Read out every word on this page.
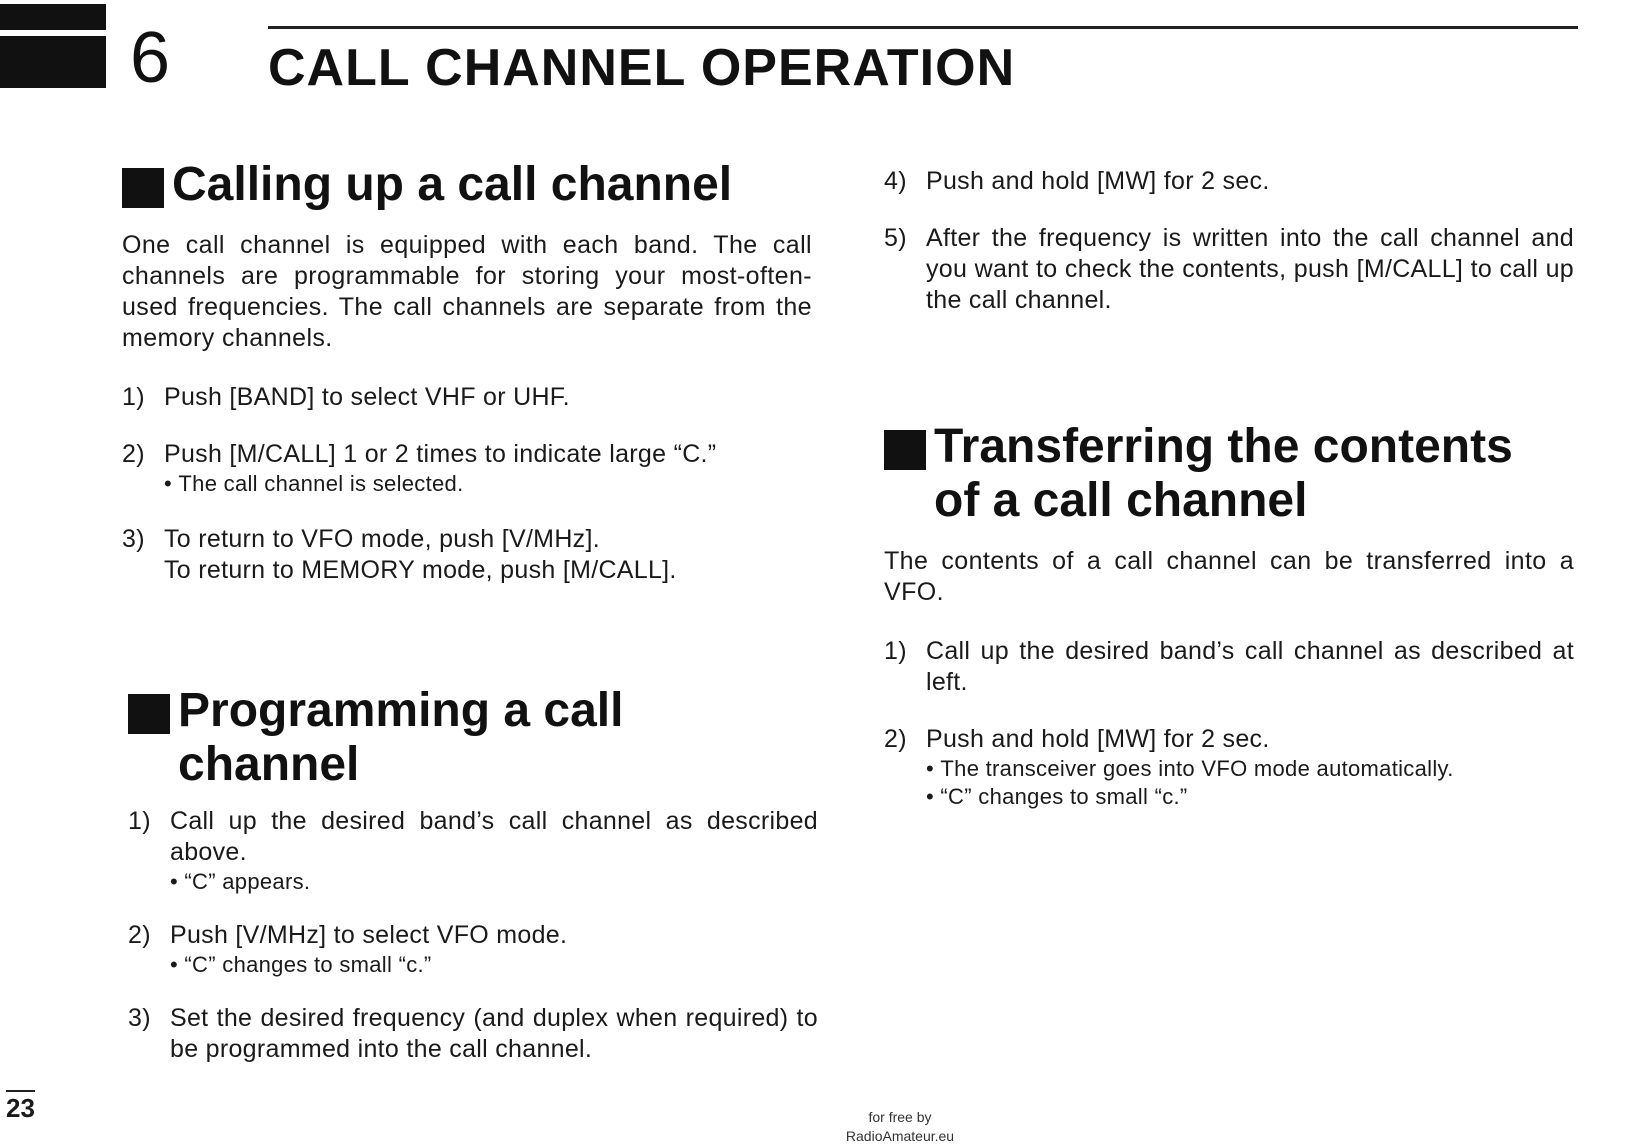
6 CALL CHANNEL OPERATION
Calling up a call channel

One call channel is equipped with each band. The call channels are programmable for storing your most-often-used frequencies. The call channels are separate from the memory channels.

1) Push [BAND] to select VHF or UHF.
2) Push [M/CALL] 1 or 2 times to indicate large “C.”
• The call channel is selected.
3) To return to VFO mode, push [V/MHz].
To return to MEMORY mode, push [M/CALL].
Programming a call
channel
1) Call up the desired band’s call channel as described above.
• “C” appears.
2) Push [V/MHz] to select VFO mode.
• “C” changes to small “c.”
3) Set the desired frequency (and duplex when required) to be programmed into the call channel.
4) Push and hold [MW] for 2 sec.
5) After the frequency is written into the call channel and you want to check the contents, push [M/CALL] to call up the call channel.
Transferring the contents
of a call channel

The contents of a call channel can be transferred into a VFO.

1) Call up the desired band’s call channel as described at left.
2) Push and hold [MW] for 2 sec.
• The transceiver goes into VFO mode automatically.
• “C” changes to small “c.”
23	for free by
RadioAmateur.eu
